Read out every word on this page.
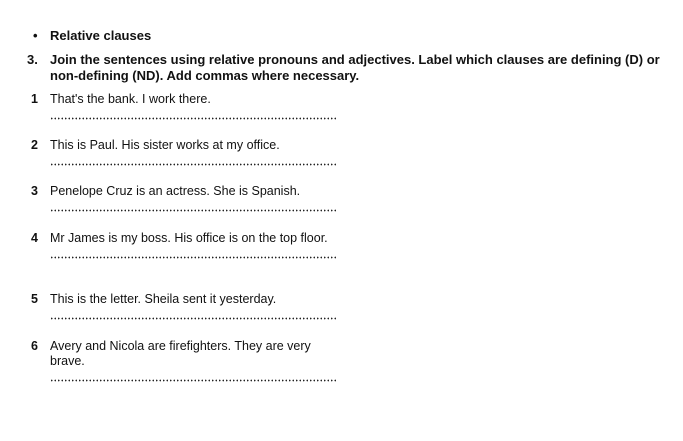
• Relative clauses
3. Join the sentences using relative pronouns and adjectives. Label which clauses are defining (D) or non-defining (ND). Add commas where necessary.
1 That's the bank. I work there.
2 This is Paul. His sister works at my office.
3 Penelope Cruz is an actress. She is Spanish.
4 Mr James is my boss. His office is on the top floor.
5 This is the letter. Sheila sent it yesterday.
6 Avery and Nicola are firefighters. They are very brave.
